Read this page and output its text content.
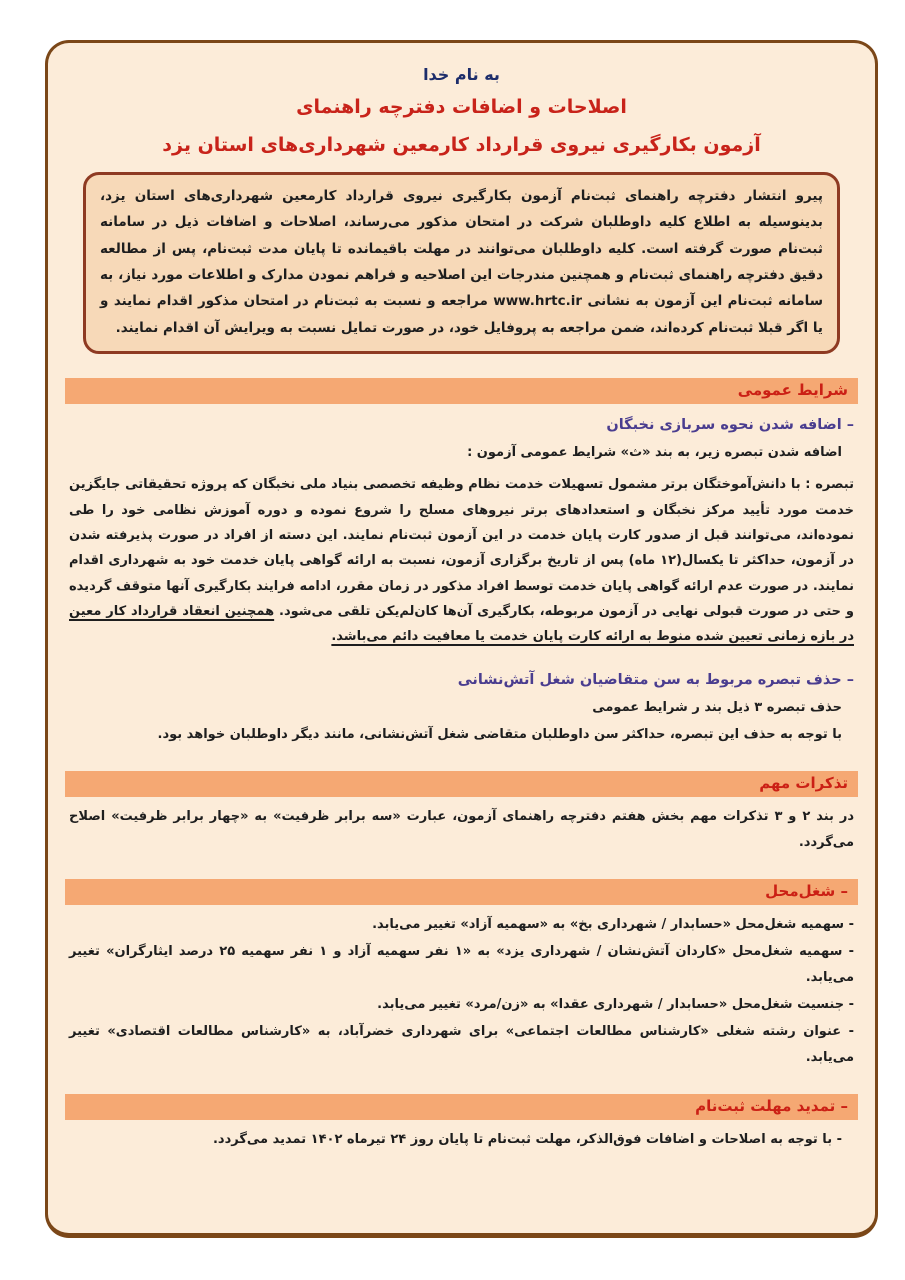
به نام خدا
اصلاحات و اضافات دفترچه راهنمای
آزمون بکارگیری نیروی قرارداد کارمعین شهرداری‌های استان یزد

پیرو انتشار دفترچه راهنمای ثبت‌نام آزمون بکارگیری نیروی قرارداد کارمعین شهرداری‌های استان یزد، بدینوسیله به اطلاع کلیه داوطلبان شرکت در امتحان مذکور می‌رساند، اصلاحات و اضافات ذیل در سامانه ثبت‌نام صورت گرفته است. کلیه داوطلبان می‌توانند در مهلت باقیمانده تا پایان مدت ثبت‌نام، پس از مطالعه دقیق دفترچه راهنمای ثبت‌نام و همچنین مندرجات این اصلاحیه و فراهم نمودن مدارک و اطلاعات مورد نیاز، به سامانه ثبت‌نام این آزمون به نشانی www.hrtc.ir مراجعه و نسبت به ثبت‌نام در امتحان مذکور اقدام نمایند و یا اگر قبلا ثبت‌نام کرده‌اند، ضمن مراجعه به پروفایل خود، در صورت تمایل نسبت به ویرایش آن اقدام نمایند.

شرایط عمومی
– اضافه شدن نحوه سربازی نخبگان

اضافه شدن تبصره زیر، به بند «ث» شرایط عمومی آزمون :

تبصره : با دانش‌آموختگان برتر مشمول تسهیلات خدمت نظام وظیفه تخصصی بنیاد ملی نخبگان که پروژه تحقیقاتی جایگزین خدمت مورد تأیید مرکز نخبگان و استعدادهای برتر نیروهای مسلح را شروع نموده و دوره آموزش نظامی خود را طی نموده‌اند، می‌توانند قبل از صدور کارت پایان خدمت در این آزمون ثبت‌نام نمایند. این دسته از افراد در صورت پذیرفته شدن در آزمون، حداکثر تا یکسال(۱۲ ماه) پس از تاریخ برگزاری آزمون، نسبت به ارائه گواهی پایان خدمت خود به شهرداری اقدام نمایند. در صورت عدم ارائه گواهی پایان خدمت توسط افراد مذکور در زمان مقرر، ادامه فرایند بکارگیری آنها متوقف گردیده و حتی در صورت قبولی نهایی در آزمون مربوطه، بکارگیری آن‌ها کان‌لم‌یکن تلقی می‌شود. همچنین انعقاد قرارداد کار معین در بازه زمانی تعیین شده منوط به ارائه کارت پایان خدمت یا معافیت دائم می‌باشد.

– حذف تبصره مربوط به سن متقاضیان شغل آتش‌نشانی

حذف تبصره ۳ ذیل بند ر شرایط عمومی

با توجه به حذف این تبصره، حداکثر سن داوطلبان متقاضی شغل آتش‌نشانی، مانند دیگر داوطلبان خواهد بود.

تذکرات مهم

در بند ۲ و ۳ تذکرات مهم بخش هفتم دفترچه راهنمای آزمون، عبارت «سه برابر ظرفیت» به «چهار برابر ظرفیت» اصلاح می‌گردد.

– شغل‌محل

- سهمیه شغل‌محل «حسابدار / شهرداری بخ» به «سهمیه آزاد» تغییر می‌یابد.

- سهمیه شغل‌محل «کاردان آتش‌نشان / شهرداری یزد» به «۱ نفر سهمیه آزاد و ۱ نفر سهمیه ۲۵ درصد ایثارگران» تغییر می‌یابد.

- جنسیت شغل‌محل «حسابدار / شهرداری عقدا» به «زن/مرد» تغییر می‌یابد.

- عنوان رشته شغلی «کارشناس مطالعات اجتماعی» برای شهرداری خضرآباد، به «کارشناس مطالعات اقتصادی» تغییر می‌یابد.

– تمدید مهلت ثبت‌نام

- با توجه به اصلاحات و اضافات فوق‌الذکر، مهلت ثبت‌نام تا پایان روز ۲۴ تیرماه ۱۴۰۲ تمدید می‌گردد.
